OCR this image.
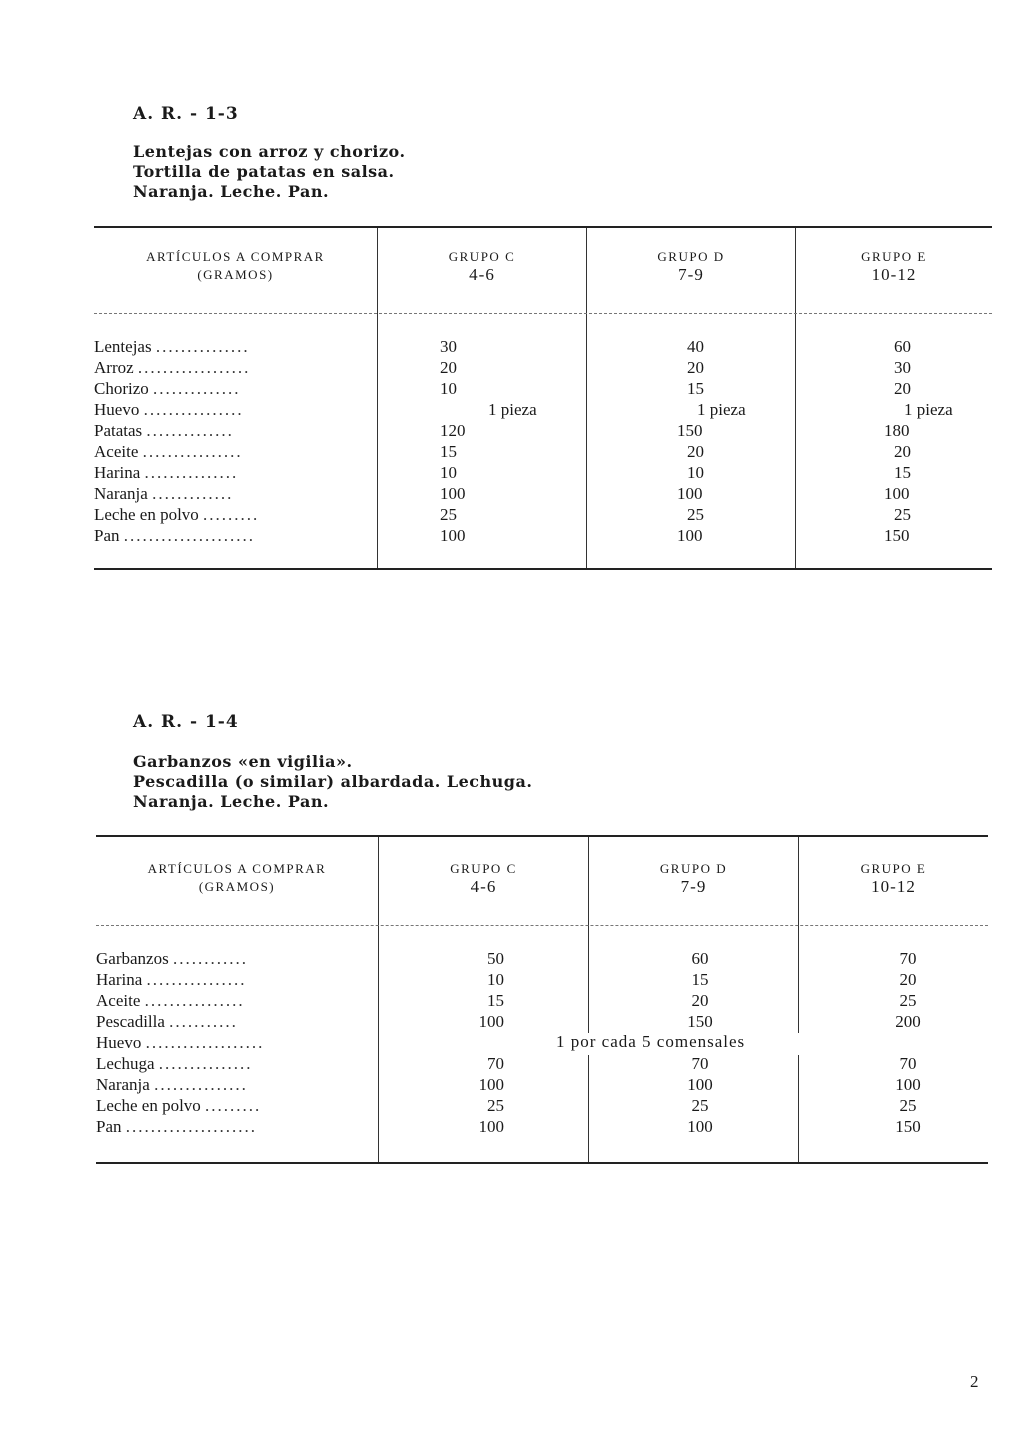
A. R. - 1-3
Lentejas con arroz y chorizo.
Tortilla de patatas en salsa.
Naranja. Leche. Pan.
ARTÍCULOS A COMPRAR
(GRAMOS)
GRUPO C
4-6
GRUPO D
7-9
GRUPO E
10-12
Lentejas ...............
Arroz ..................
Chorizo ..............
Huevo ................
Patatas ..............
Aceite ................
Harina ...............
Naranja .............
Leche en polvo .........
Pan .....................
30
20
10
1 pieza
120
15
10
100
25
100
40
20
15
1 pieza
150
20
10
100
25
100
60
30
20
1 pieza
180
20
15
100
25
150
A. R. - 1-4
Garbanzos «en vigilia».
Pescadilla (o similar) albardada. Lechuga.
Naranja. Leche. Pan.
ARTÍCULOS A COMPRAR
(GRAMOS)
GRUPO C
4-6
GRUPO D
7-9
GRUPO E
10-12
Garbanzos ............
Harina ................
Aceite ................
Pescadilla ...........
Huevo ...................
Lechuga ...............
Naranja ...............
Leche en polvo .........
Pan .....................
50
10
15
100
70
100
25
100
60
15
20
150
70
100
25
100
70
20
25
200
70
100
25
150
1 por cada 5 comensales
2
